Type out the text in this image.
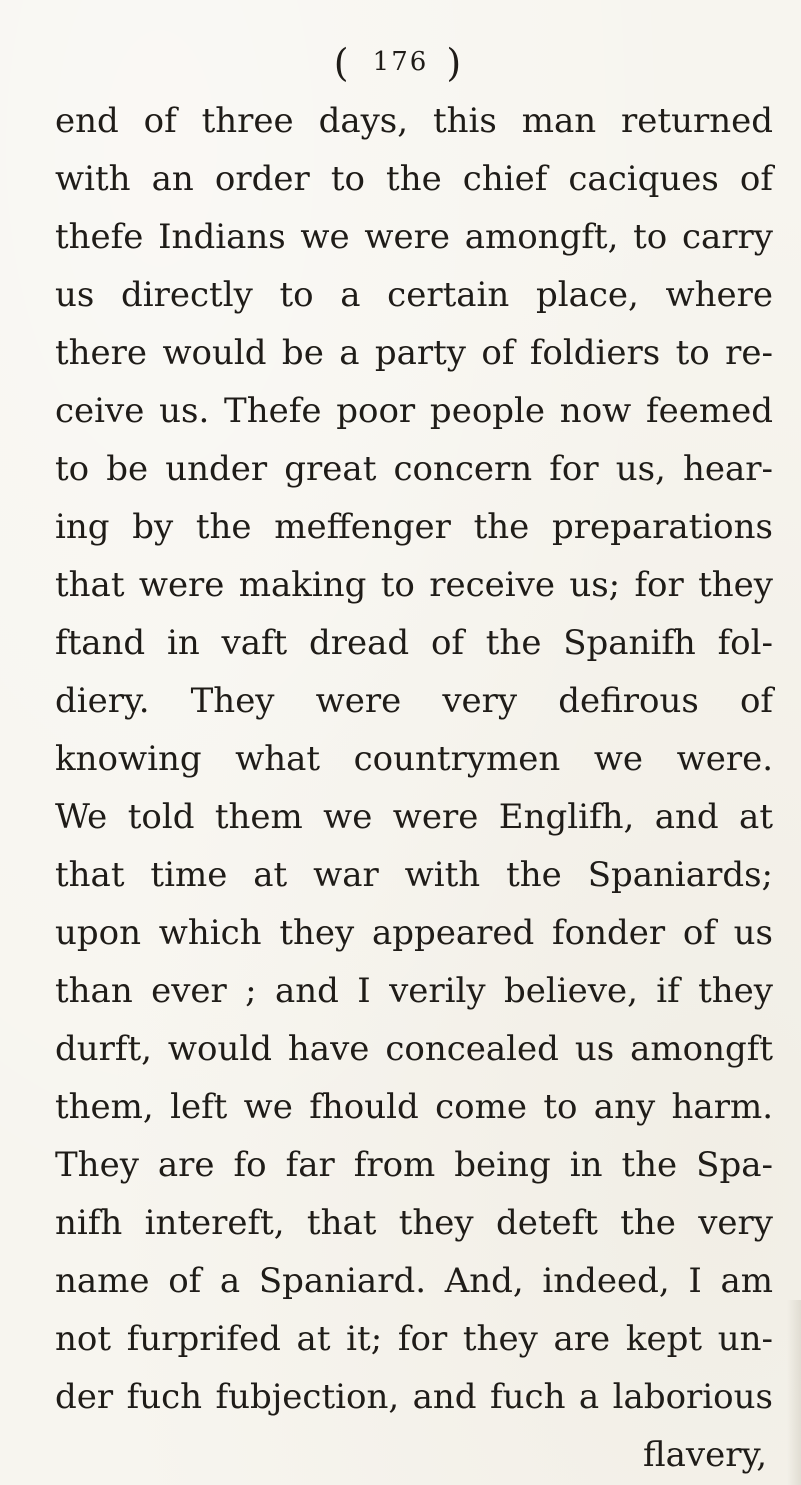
( 176 )
end of three days, this man returned
with an order to the chief caciques of
thefe Indians we were amongft, to carry
us directly to a certain place, where
there would be a party of foldiers to re-
ceive us. Thefe poor people now feemed
to be under great concern for us, hear-
ing by the meffenger the preparations
that were making to receive us; for they
ftand in vaft dread of the Spanifh fol-
diery. They were very defirous of
knowing what countrymen we were.
We told them we were Englifh, and at
that time at war with the Spaniards;
upon which they appeared fonder of us
than ever ; and I verily believe, if they
durft, would have concealed us amongft
them, left we fhould come to any harm.
They are fo far from being in the Spa-
nifh intereft, that they deteft the very
name of a Spaniard. And, indeed, I am
not furprifed at it; for they are kept un-
der fuch fubjection, and fuch a laborious
flavery,
